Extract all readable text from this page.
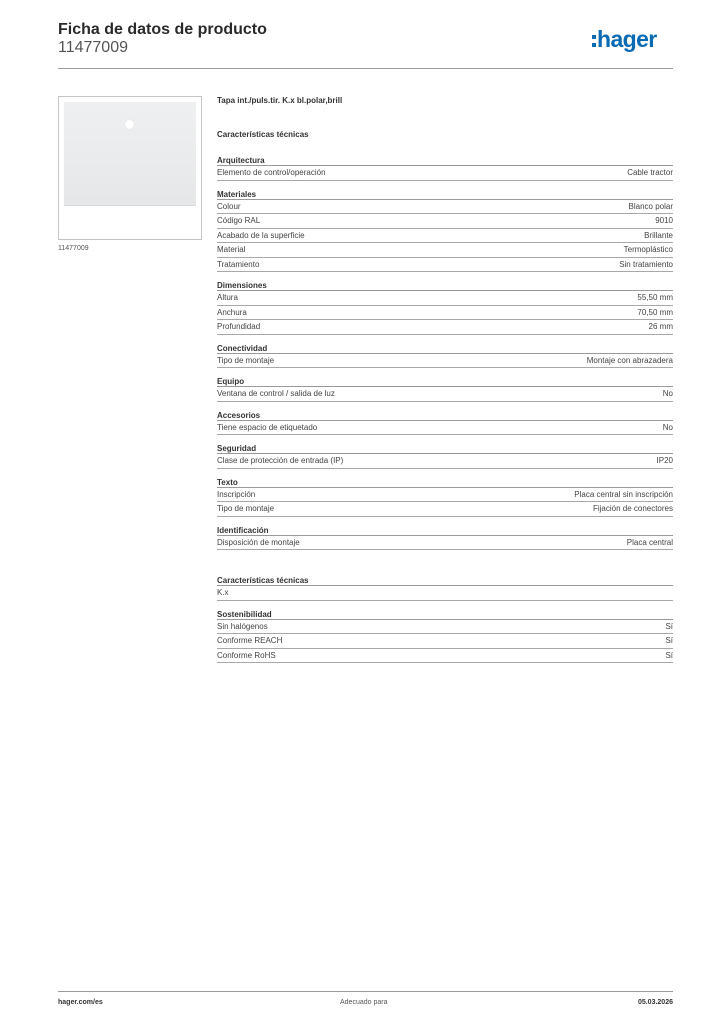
Ficha de datos de producto
11477009	hager
11477009
Tapa int./puls.tir. K.x bl.polar,brill
Características técnicas
Arquitectura
Elemento de control/operación	Cable tractor
Materiales
Colour	Blanco polar
Código RAL	9010
Acabado de la superficie	Brillante
Material	Termoplástico
Tratamiento	Sin tratamiento
Dimensiones
Altura	55,50 mm
Anchura	70,50 mm
Profundidad	26 mm
Conectividad
Tipo de montaje	Montaje con abrazadera
Equipo
Ventana de control / salida de luz	No
Accesorios
Tiene espacio de etiquetado	No
Seguridad
Clase de protección de entrada (IP)	IP20
Texto
Inscripción	Placa central sin inscripción
Tipo de montaje	Fijación de conectores
Identificación
Disposición de montaje	Placa central
Características técnicas
K.x
Sostenibilidad
Sin halógenos	Sí
Conforme REACH	Sí
Conforme RoHS	Sí
hager.com/es	Adecuado para	05.03.2026
